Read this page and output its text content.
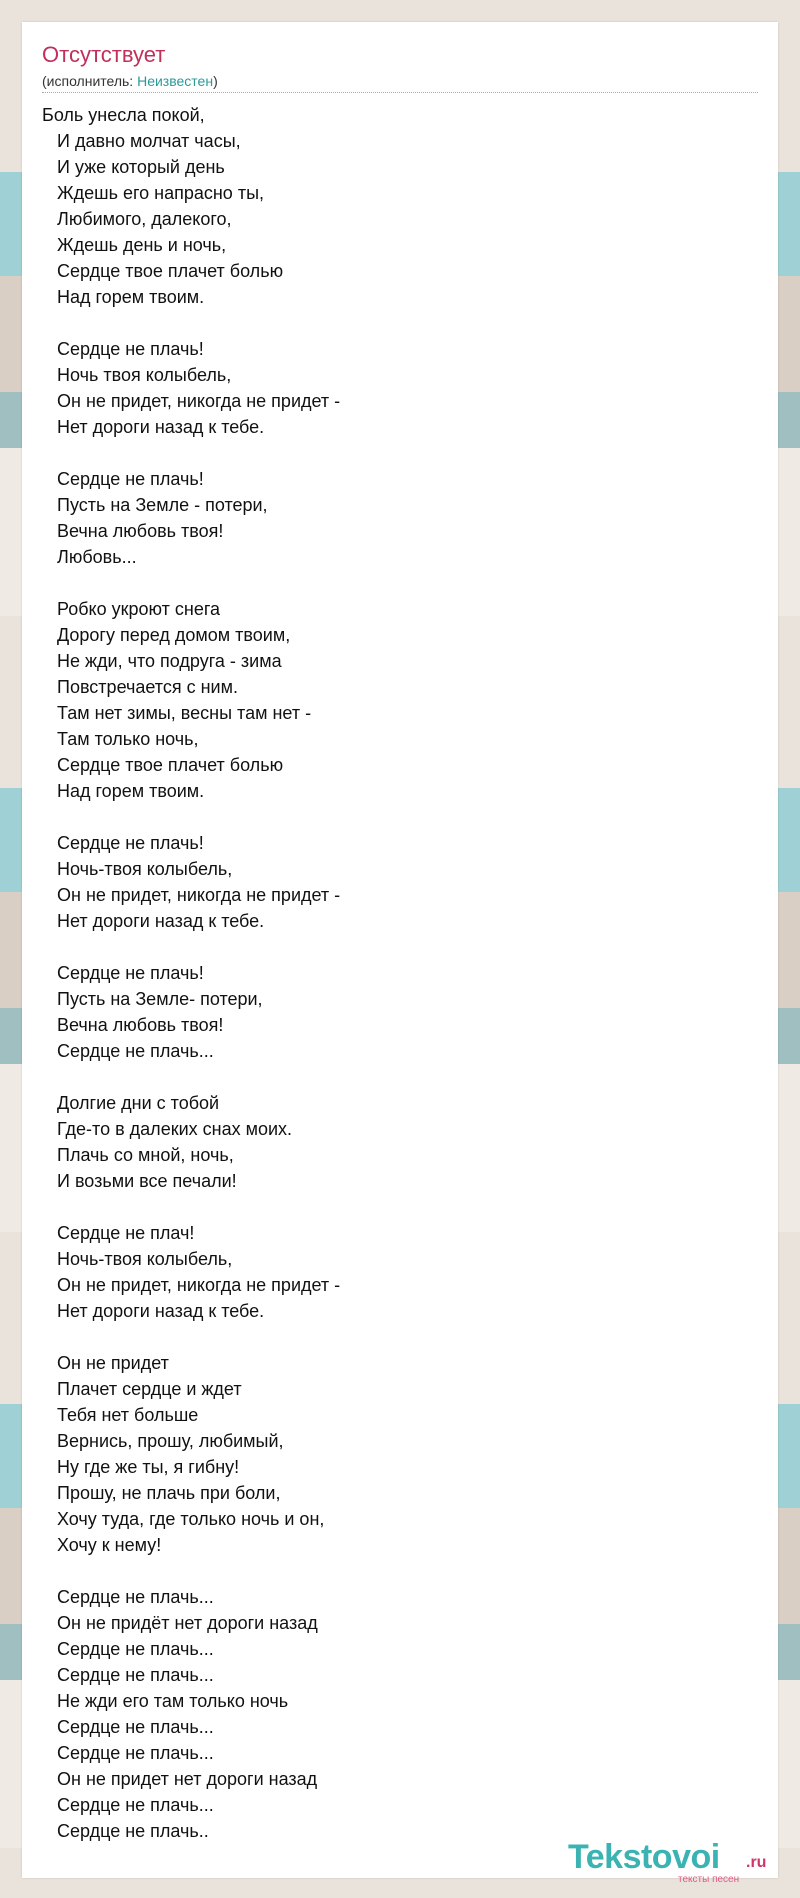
Отсутствует
(исполнитель: Неизвестен)
Боль унесла покой,
И давно молчат часы,
И уже который день
Ждешь его напрасно ты,
Любимого, далекого,
Ждешь день и ночь,
Сердце твое плачет болью
Над горем твоим.
Сердце не плачь!
Ночь твоя колыбель,
Он не придет, никогда не придет -
Нет дороги назад к тебе.
Сердце не плачь!
Пусть на Земле - потери,
Вечна любовь твоя!
Любовь...
Робко укроют снега
Дорогу перед домом твоим,
Не жди, что подруга - зима
Повстречается с ним.
Там нет зимы, весны там нет -
Там только ночь,
Сердце твое плачет болью
Над горем твоим.
Сердце не плачь!
Ночь-твоя колыбель,
Он не придет, никогда не придет -
Нет дороги назад к тебе.
Сердце не плачь!
Пусть на Земле- потери,
Вечна любовь твоя!
Сердце не плачь...
Долгие дни с тобой
Где-то в далеких снах моих.
Плачь со мной, ночь,
И возьми все печали!
Сердце не плач!
Ночь-твоя колыбель,
Он не придет, никогда не придет -
Нет дороги назад к тебе.
Он не придет
Плачет сердце и ждет
Тебя нет больше
Вернись, прошу, любимый,
Ну где же ты, я гибну!
Прошу, не плачь при боли,
Хочу туда, где только ночь и он,
Хочу к нему!
Сердце не плачь...
Он не придёт нет дороги назад
Сердце не плачь...
Сердце не плачь...
Не жди его там только ночь
Сердце не плачь...
Сердце не плачь...
Он не придет нет дороги назад
Сердце не плачь...
Сердце не плачь..
Tekstovoi .ru
тексты песен
